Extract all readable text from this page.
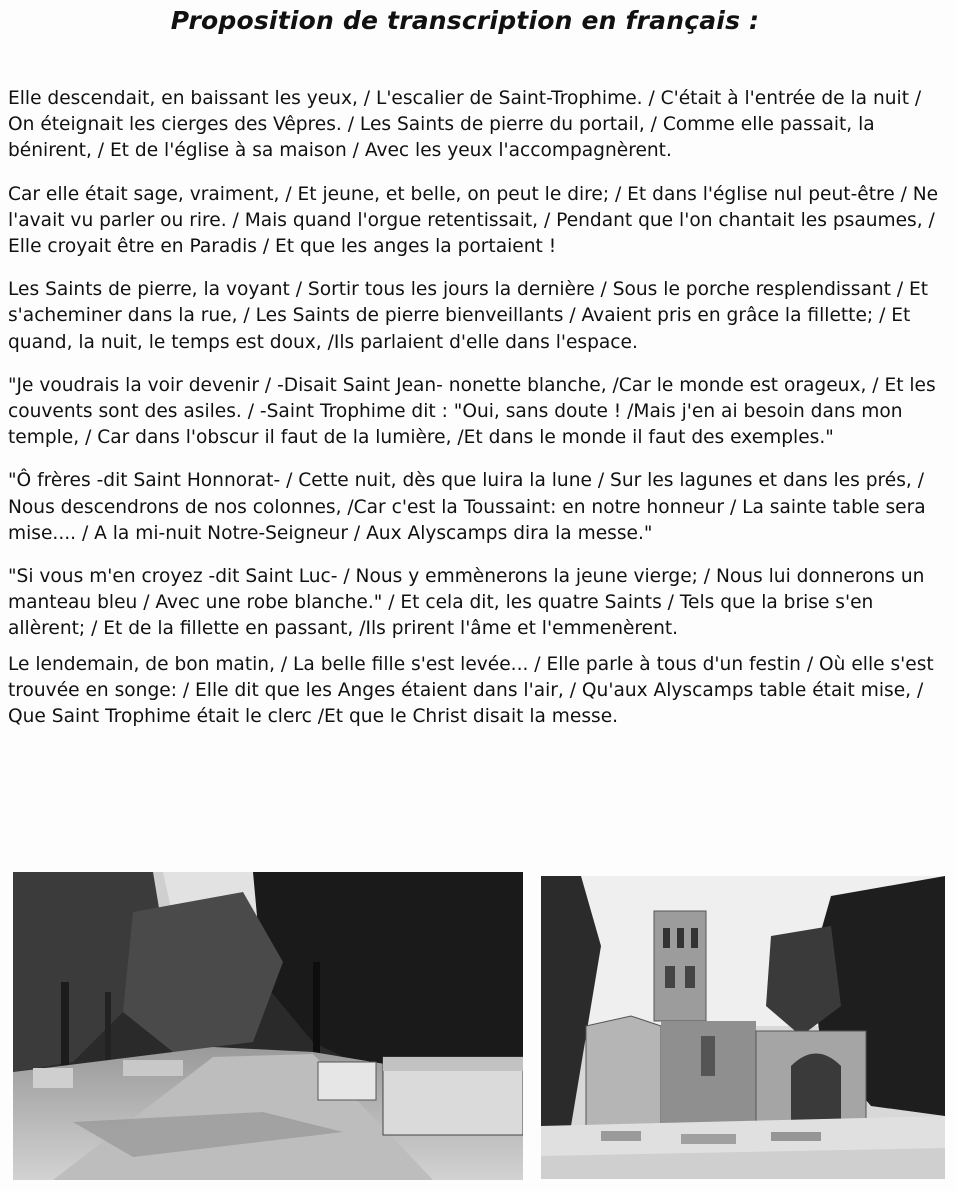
Proposition de transcription en français :

Elle descendait, en baissant les yeux, / L'escalier de Saint-Trophime. / C'était à l'entrée de la nuit / On éteignait les cierges des Vêpres. / Les Saints de pierre du portail, / Comme elle passait, la bénirent, / Et de l'église à sa maison / Avec les yeux l'accompagnèrent.

Car elle était sage, vraiment, / Et jeune, et belle, on peut le dire; / Et dans l'église nul peut-être / Ne l'avait vu parler ou rire. / Mais quand l'orgue retentissait, / Pendant que l'on chantait les psaumes, / Elle croyait être en Paradis / Et que les anges la portaient !

Les Saints de pierre, la voyant / Sortir tous les jours la dernière / Sous le porche resplendissant / Et s'acheminer dans la rue, / Les Saints de pierre bienveillants / Avaient pris en grâce la fillette; / Et quand, la nuit, le temps est doux, /Ils parlaient d'elle dans l'espace.

"Je voudrais la voir devenir / -Disait Saint Jean- nonette blanche, /Car le monde est orageux, / Et les couvents sont des asiles. / -Saint Trophime dit : "Oui, sans doute ! /Mais j'en ai besoin dans mon temple, / Car dans l'obscur il faut de la lumière, /Et dans le monde il faut des exemples."

"Ô frères -dit Saint Honnorat- / Cette nuit, dès que luira la lune / Sur les lagunes et dans les prés, / Nous descendrons de nos colonnes, /Car c'est la Toussaint: en notre honneur / La sainte table sera mise.... / A la mi-nuit Notre-Seigneur / Aux Alyscamps dira la messe."

"Si vous m'en croyez -dit Saint Luc- / Nous y emmènerons la jeune vierge; / Nous lui donnerons un manteau bleu / Avec une robe blanche." / Et cela dit, les quatre Saints / Tels que la brise s'en allèrent; / Et de la fillette en passant, /Ils prirent l'âme et l'emmenèrent.

Le lendemain, de bon matin, / La belle fille s'est levée... / Elle parle à tous d'un festin / Où elle s'est trouvée en songe: / Elle dit que les Anges étaient dans l'air, / Qu'aux Alyscamps table était mise, / Que Saint Trophime était le clerc /Et que le Christ disait la messe.
